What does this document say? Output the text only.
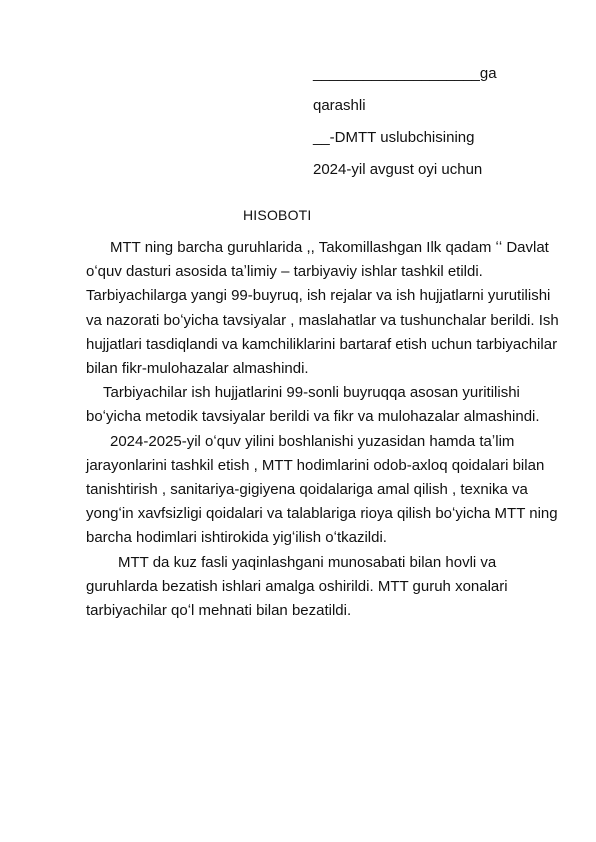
____________________ga
qarashli
__-DMTT uslubchisining
2024-yil avgust oyi uchun
HISOBOTI

MTT ning barcha guruhlarida ,, Takomillashgan Ilk qadam ʻʻ Davlat oʻquv dasturi asosida taʼlimiy – tarbiyaviy ishlar tashkil etildi. Tarbiyachilarga yangi 99-buyruq, ish rejalar va ish hujjatlarni yurutilishi va nazorati boʻyicha tavsiyalar , maslahatlar va tushunchalar berildi. Ish hujjatlari tasdiqlandi va kamchiliklarini bartaraf etish uchun tarbiyachilar bilan fikr-mulohazalar almashindi.

Tarbiyachilar ish hujjatlarini 99-sonli buyruqqa asosan yuritilishi boʻyicha metodik tavsiyalar berildi va fikr va mulohazalar almashindi.

2024-2025-yil oʻquv yilini boshlanishi yuzasidan hamda taʼlim jarayonlarini tashkil etish , MTT hodimlarini odob-axloq qoidalari bilan tanishtirish , sanitariya-gigiyena qoidalariga amal qilish , texnika va yongʻin xavfsizligi qoidalari va talablariga rioya qilish boʻyicha MTT ning barcha hodimlari ishtirokida yigʻilish oʻtkazildi.

MTT da kuz fasli yaqinlashgani munosabati bilan hovli va guruhlarda bezatish ishlari amalga oshirildi. MTT guruh xonalari tarbiyachilar qoʻl mehnati bilan bezatildi.
